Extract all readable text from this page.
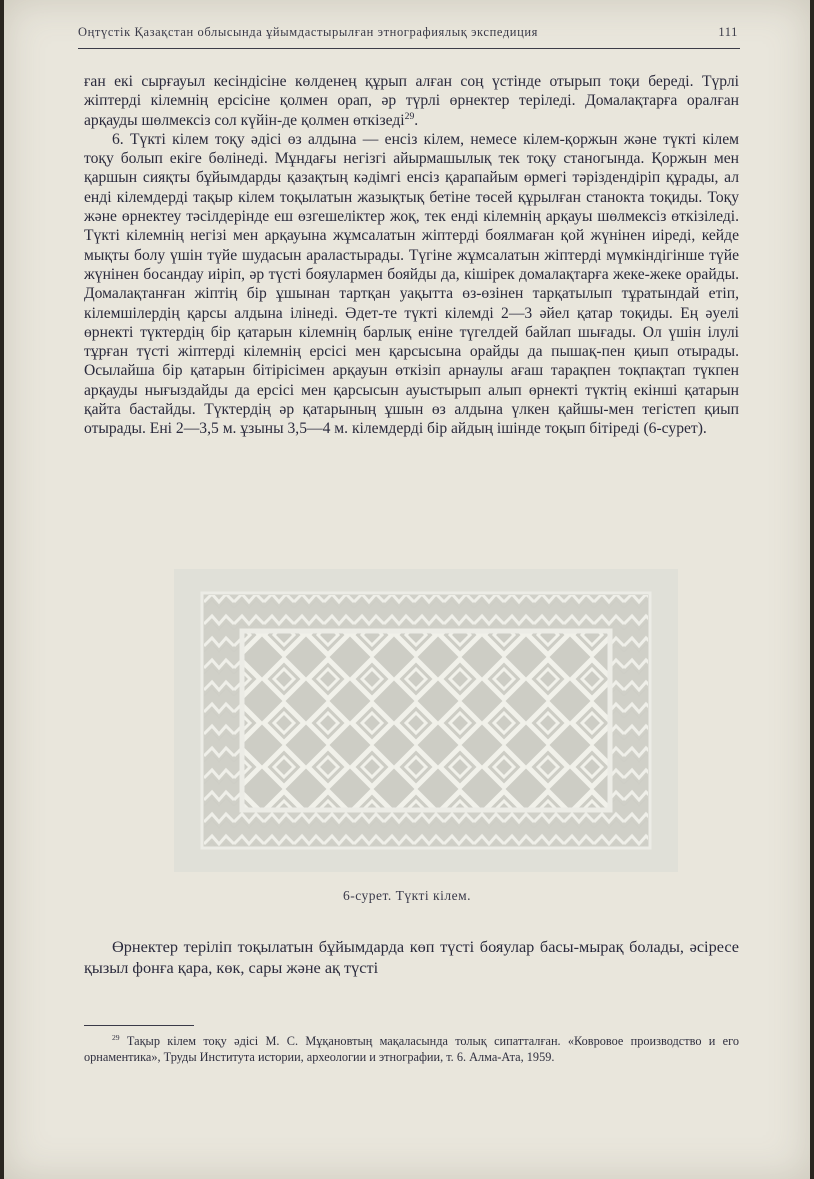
Оңтүстік Қазақстан облысында ұйымдастырылған этнографиялық экспедиция	111

ған екі сырғауыл кесіндісіне көлденең құрып алған соң үстінде отырып тоқи береді. Түрлі жіптерді кілемнің ерсісіне қолмен орап, әр түрлі өрнектер теріледі. Домалақтарға оралған арқауды шөлмексіз сол күйін-де қолмен өткізеді$^{29}$.

6. Түкті кілем тоқу әдісі өз алдына — енсіз кілем, немесе кілем-қоржын және түкті кілем тоқу болып екіге бөлінеді. Мұндағы негізгі айырмашылық тек тоқу станогында. Қоржын мен қаршын сияқты бұйымдарды қазақтың кәдімгі енсіз қарапайым өрмегі тәріздендіріп құрады, ал енді кілемдерді тақыр кілем тоқылатын жазықтық бетіне төсей құрылған станокта тоқиды. Тоқу және өрнектеу тәсілдерінде еш өзгешеліктер жоқ, тек енді кілемнің арқауы шөлмексіз өткізіледі. Түкті кілемнің негізі мен арқауына жұмсалатын жіптерді боялмаған қой жүнінен иіреді, кейде мықты болу үшін түйе шудасын араластырады. Түгіне жұмсалатын жіптерді мүмкіндігінше түйе жүнінен босандау иіріп, әр түсті бояулармен бояйды да, кішірек домалақтарға жеке-жеке орайды. Домалақтанған жіптің бір ұшынан тартқан уақытта өз-өзінен тарқатылып тұратындай етіп, кілемшілердің қарсы алдына ілінеді. Әдет-те түкті кілемді 2—3 әйел қатар тоқиды. Ең әуелі өрнекті түктердің бір қатарын кілемнің барлық еніне түгелдей байлап шығады. Ол үшін ілулі тұрған түсті жіптерді кілемнің ерсісі мен қарсысына орайды да пышақ-пен қиып отырады. Осылайша бір қатарын бітірісімен арқауын өткізіп арнаулы ағаш тарақпен тоқпақтап түкпен арқауды нығыздайды да ерсісі мен қарсысын ауыстырып алып өрнекті түктің екінші қатарын қайта бастайды. Түктердің әр қатарының ұшын өз алдына үлкен қайшы-мен тегістеп қиып отырады. Енi 2—3,5 м. ұзыны 3,5—4 м. кілемдерді бір айдың ішінде тоқып бітіреді (6-сурет).

6-сурет. Түкті кілем.

Өрнектер теріліп тоқылатын бұйымдарда көп түсті бояулар басы-мырақ болады, әсіресе қызыл фонға қара, көк, сары және ақ түсті

$^{29}$ Тақыр кілем тоқу әдісі М. С. Мұқановтың мақаласында толық сипатталған. «Ковровое производство и его орнаментика», Труды Института истории, археологии и этнографии, т. 6. Алма-Ата, 1959.
